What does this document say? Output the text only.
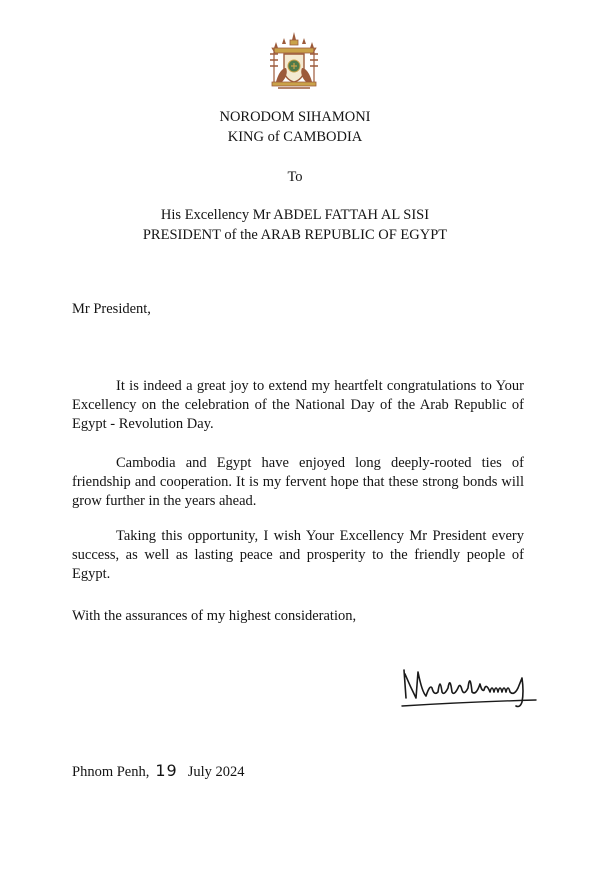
NORODOM SIHAMONI
KING of CAMBODIA
To
His Excellency Mr ABDEL FATTAH AL SISI
PRESIDENT of the ARAB REPUBLIC OF EGYPT
Mr President,

It is indeed a great joy to extend my heartfelt congratulations to Your Excellency on the celebration of the National Day of the Arab Republic of Egypt - Revolution Day.

Cambodia and Egypt have enjoyed long deeply-rooted ties of friendship and cooperation. It is my fervent hope that these strong bonds will grow further in the years ahead.

Taking this opportunity, I wish Your Excellency Mr President every success, as well as lasting peace and prosperity to the friendly people of Egypt.

With the assurances of my highest consideration,
Phnom Penh, 19 July 2024
